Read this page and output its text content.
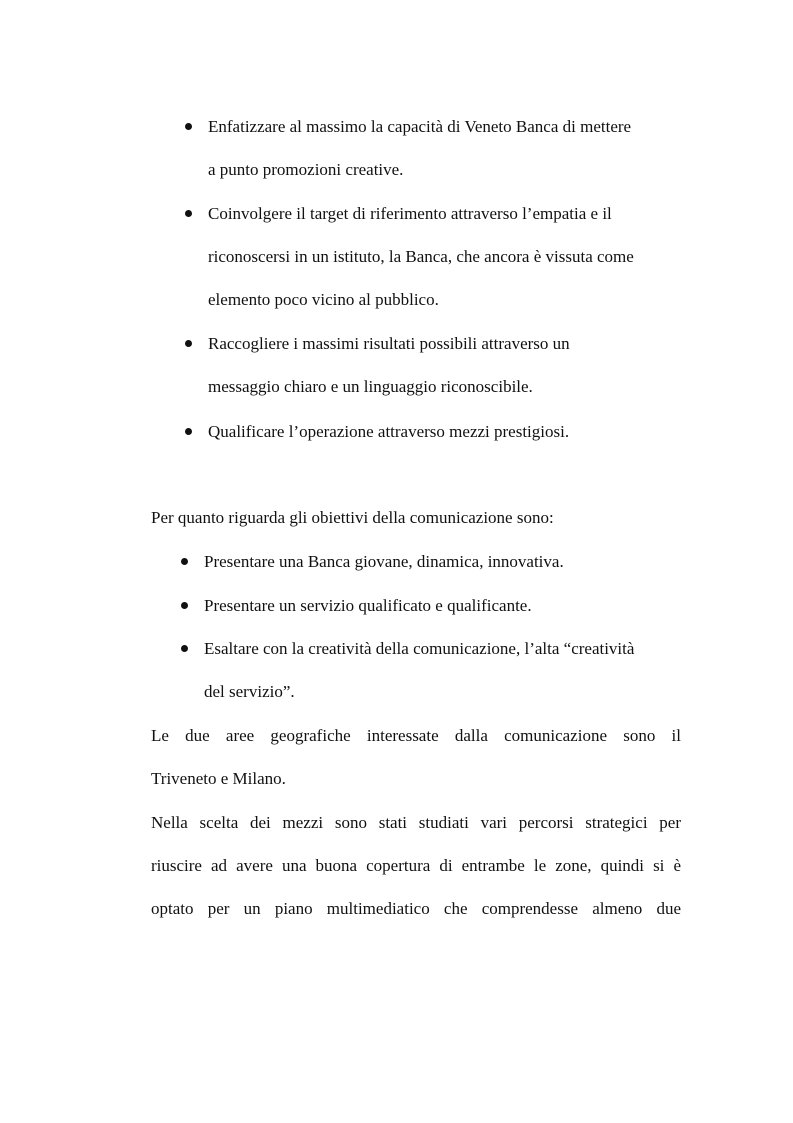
Enfatizzare al massimo la capacità di Veneto Banca di mettere
a punto promozioni creative.
Coinvolgere il target di riferimento attraverso l’empatia e il
riconoscersi in un istituto, la Banca, che ancora è vissuta come
elemento poco vicino al pubblico.
Raccogliere i massimi risultati possibili attraverso un
messaggio chiaro e un linguaggio riconoscibile.
Qualificare l’operazione attraverso mezzi prestigiosi.
Per quanto riguarda gli obiettivi della comunicazione sono:
Presentare una Banca giovane, dinamica, innovativa.
Presentare un servizio qualificato e qualificante.
Esaltare con la creatività della comunicazione, l’alta “creatività
del servizio”.
Le due aree geografiche interessate dalla comunicazione sono il
Triveneto e Milano.
Nella scelta dei mezzi sono stati studiati vari percorsi strategici per
riuscire ad avere una buona copertura di entrambe le zone, quindi si è
optato per un piano multimediatico che comprendesse almeno due
